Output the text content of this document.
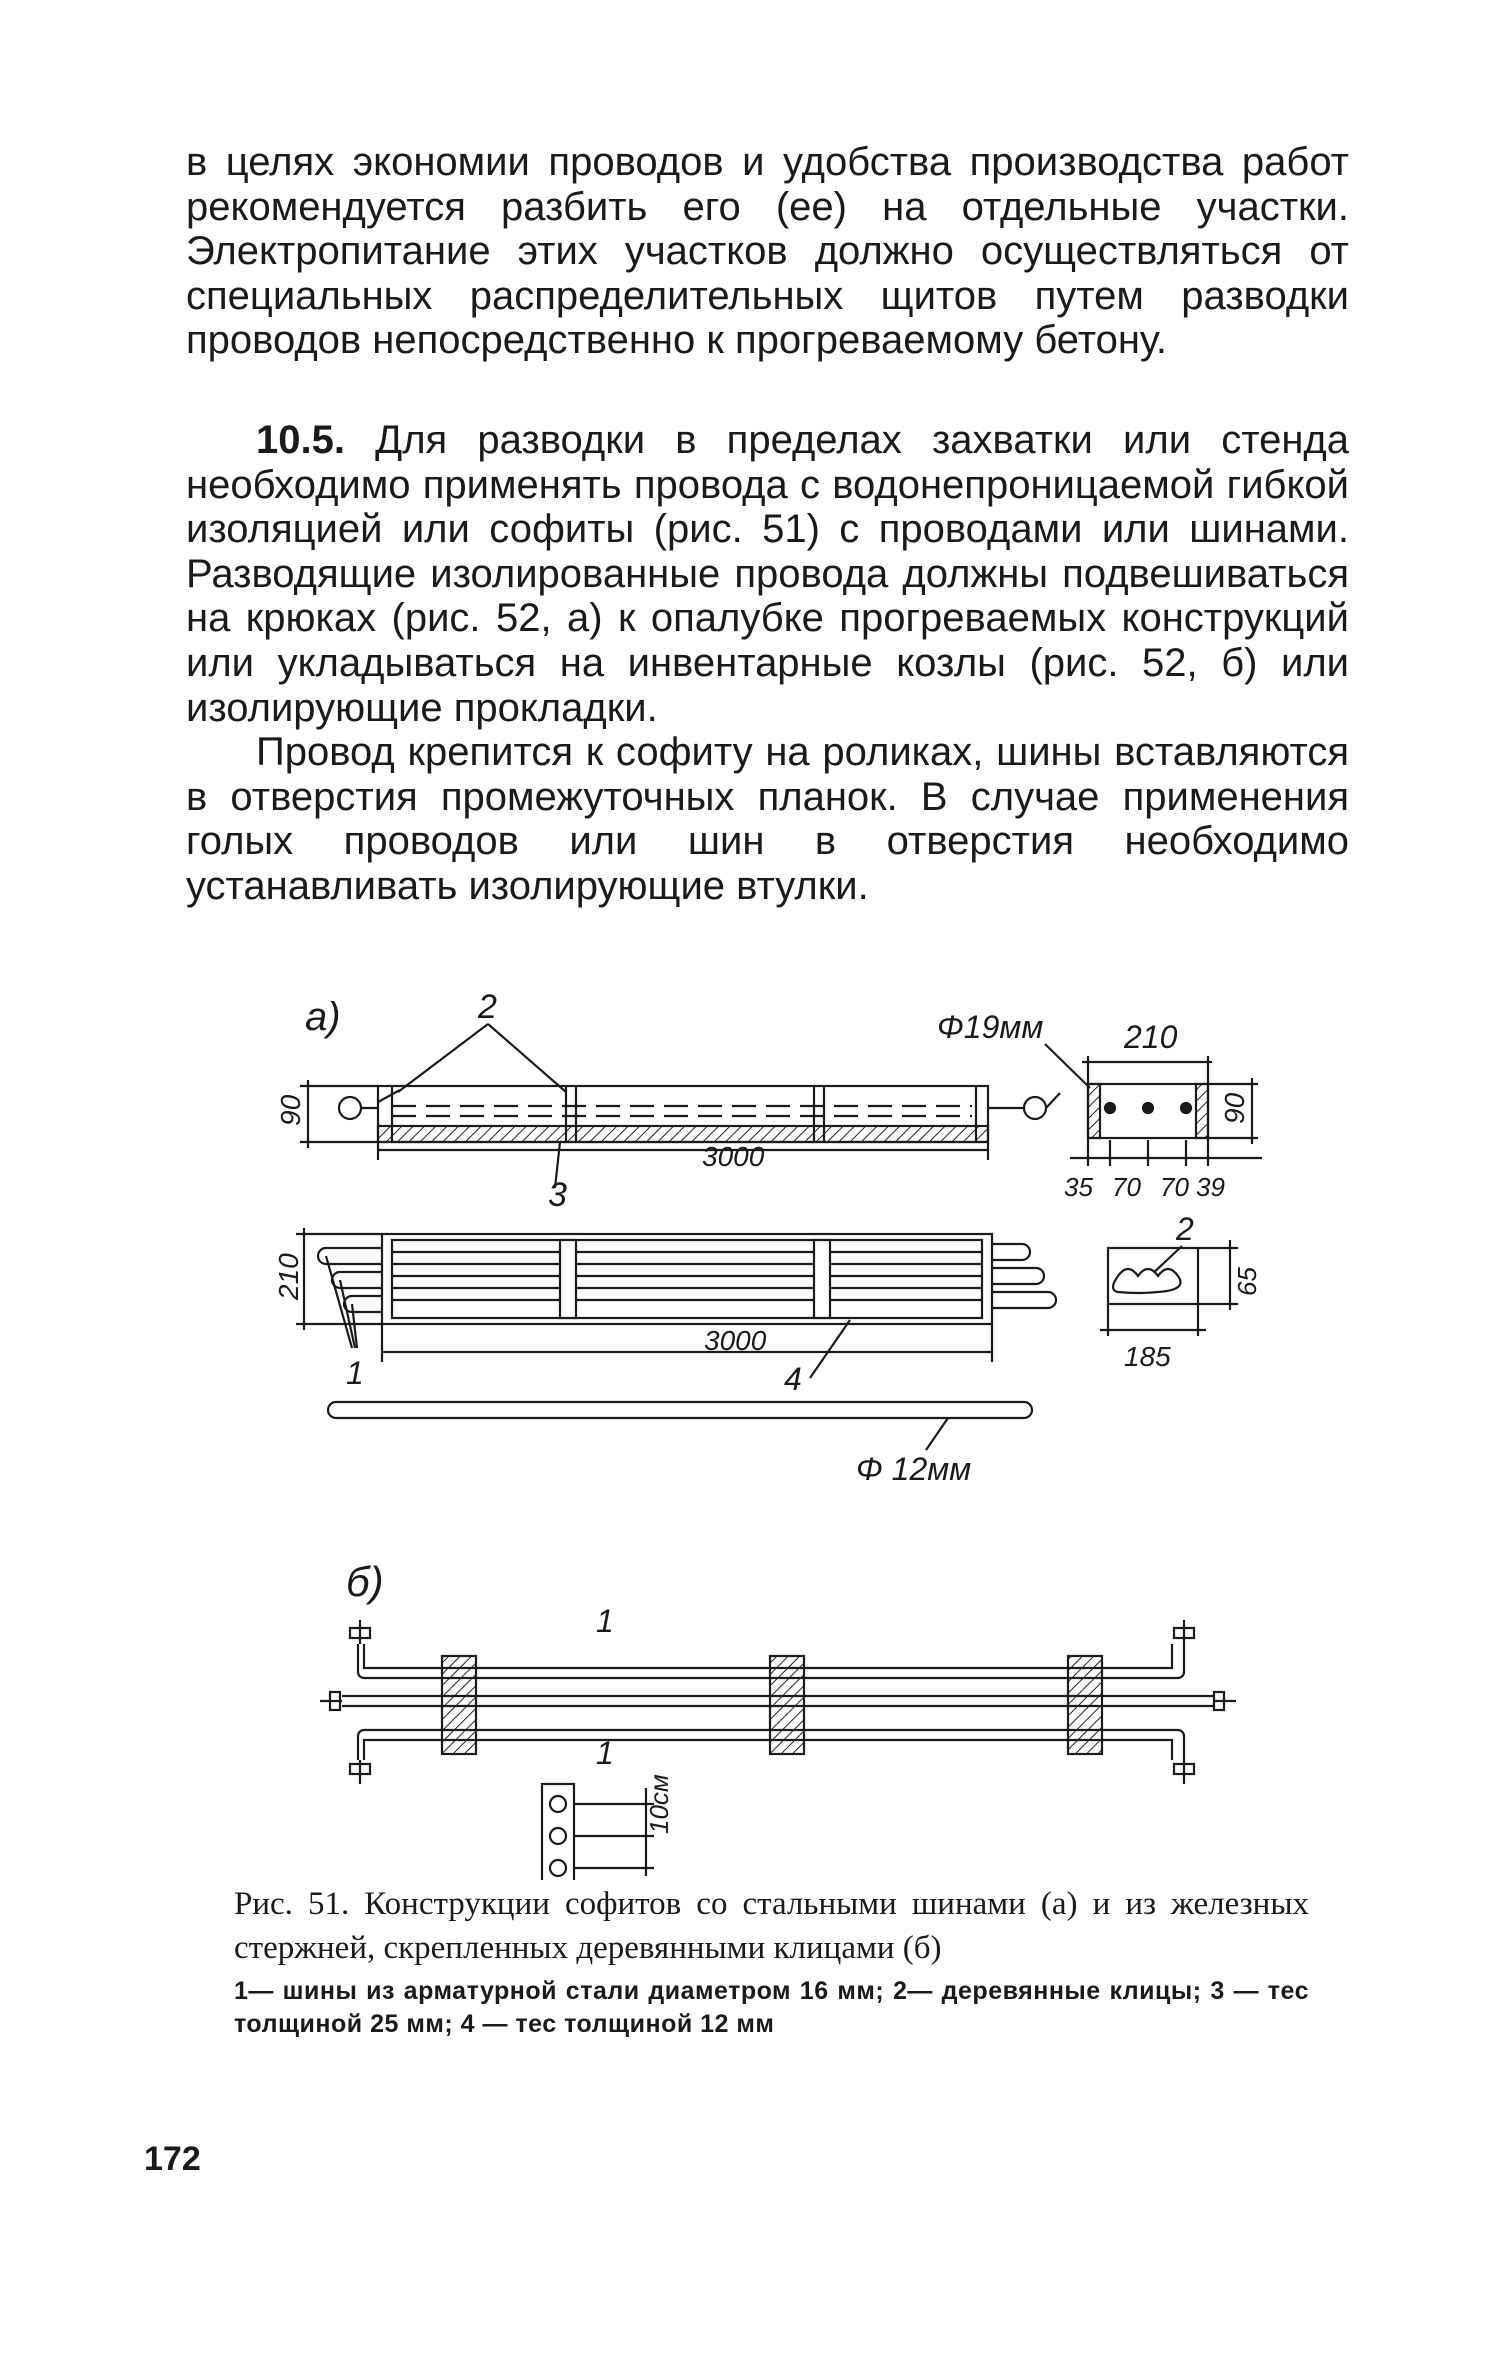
в целях экономии проводов и удобства производства работ рекомендуется разбить его (ее) на отдельные участки. Электропитание этих участков должно осуществляться от специальных распределительных щитов путем разводки проводов непосредственно к прогреваемому бетону.

10.5. Для разводки в пределах захватки или стенда необходимо применять провода с водонепроницаемой гибкой изоляцией или софиты (рис. 51) с проводами или шинами. Разводящие изолированные провода должны подвешиваться на крюках (рис. 52, а) к опалубке прогреваемых конструкций или укладываться на инвентарные козлы (рис. 52, б) или изолирующие прокладки.

Провод крепится к софиту на роликах, шины вставляются в отверстия промежуточных планок. В случае применения голых проводов или шин в отверстия необходимо устанавливать изолирующие втулки.

а)	2
90
3000
3
Φ19мм	210
90
35 70 70 39
210
1
3000
4
Φ 12мм
2
65
185
б)
1
1
10см

Рис. 51. Конструкции софитов со стальными шинами (а) и из железных стержней, скрепленных деревянными клицами (б)

1— шины из арматурной стали диаметром 16 мм; 2— деревянные клицы; 3 — тес толщиной 25 мм; 4 — тес толщиной 12 мм

172
